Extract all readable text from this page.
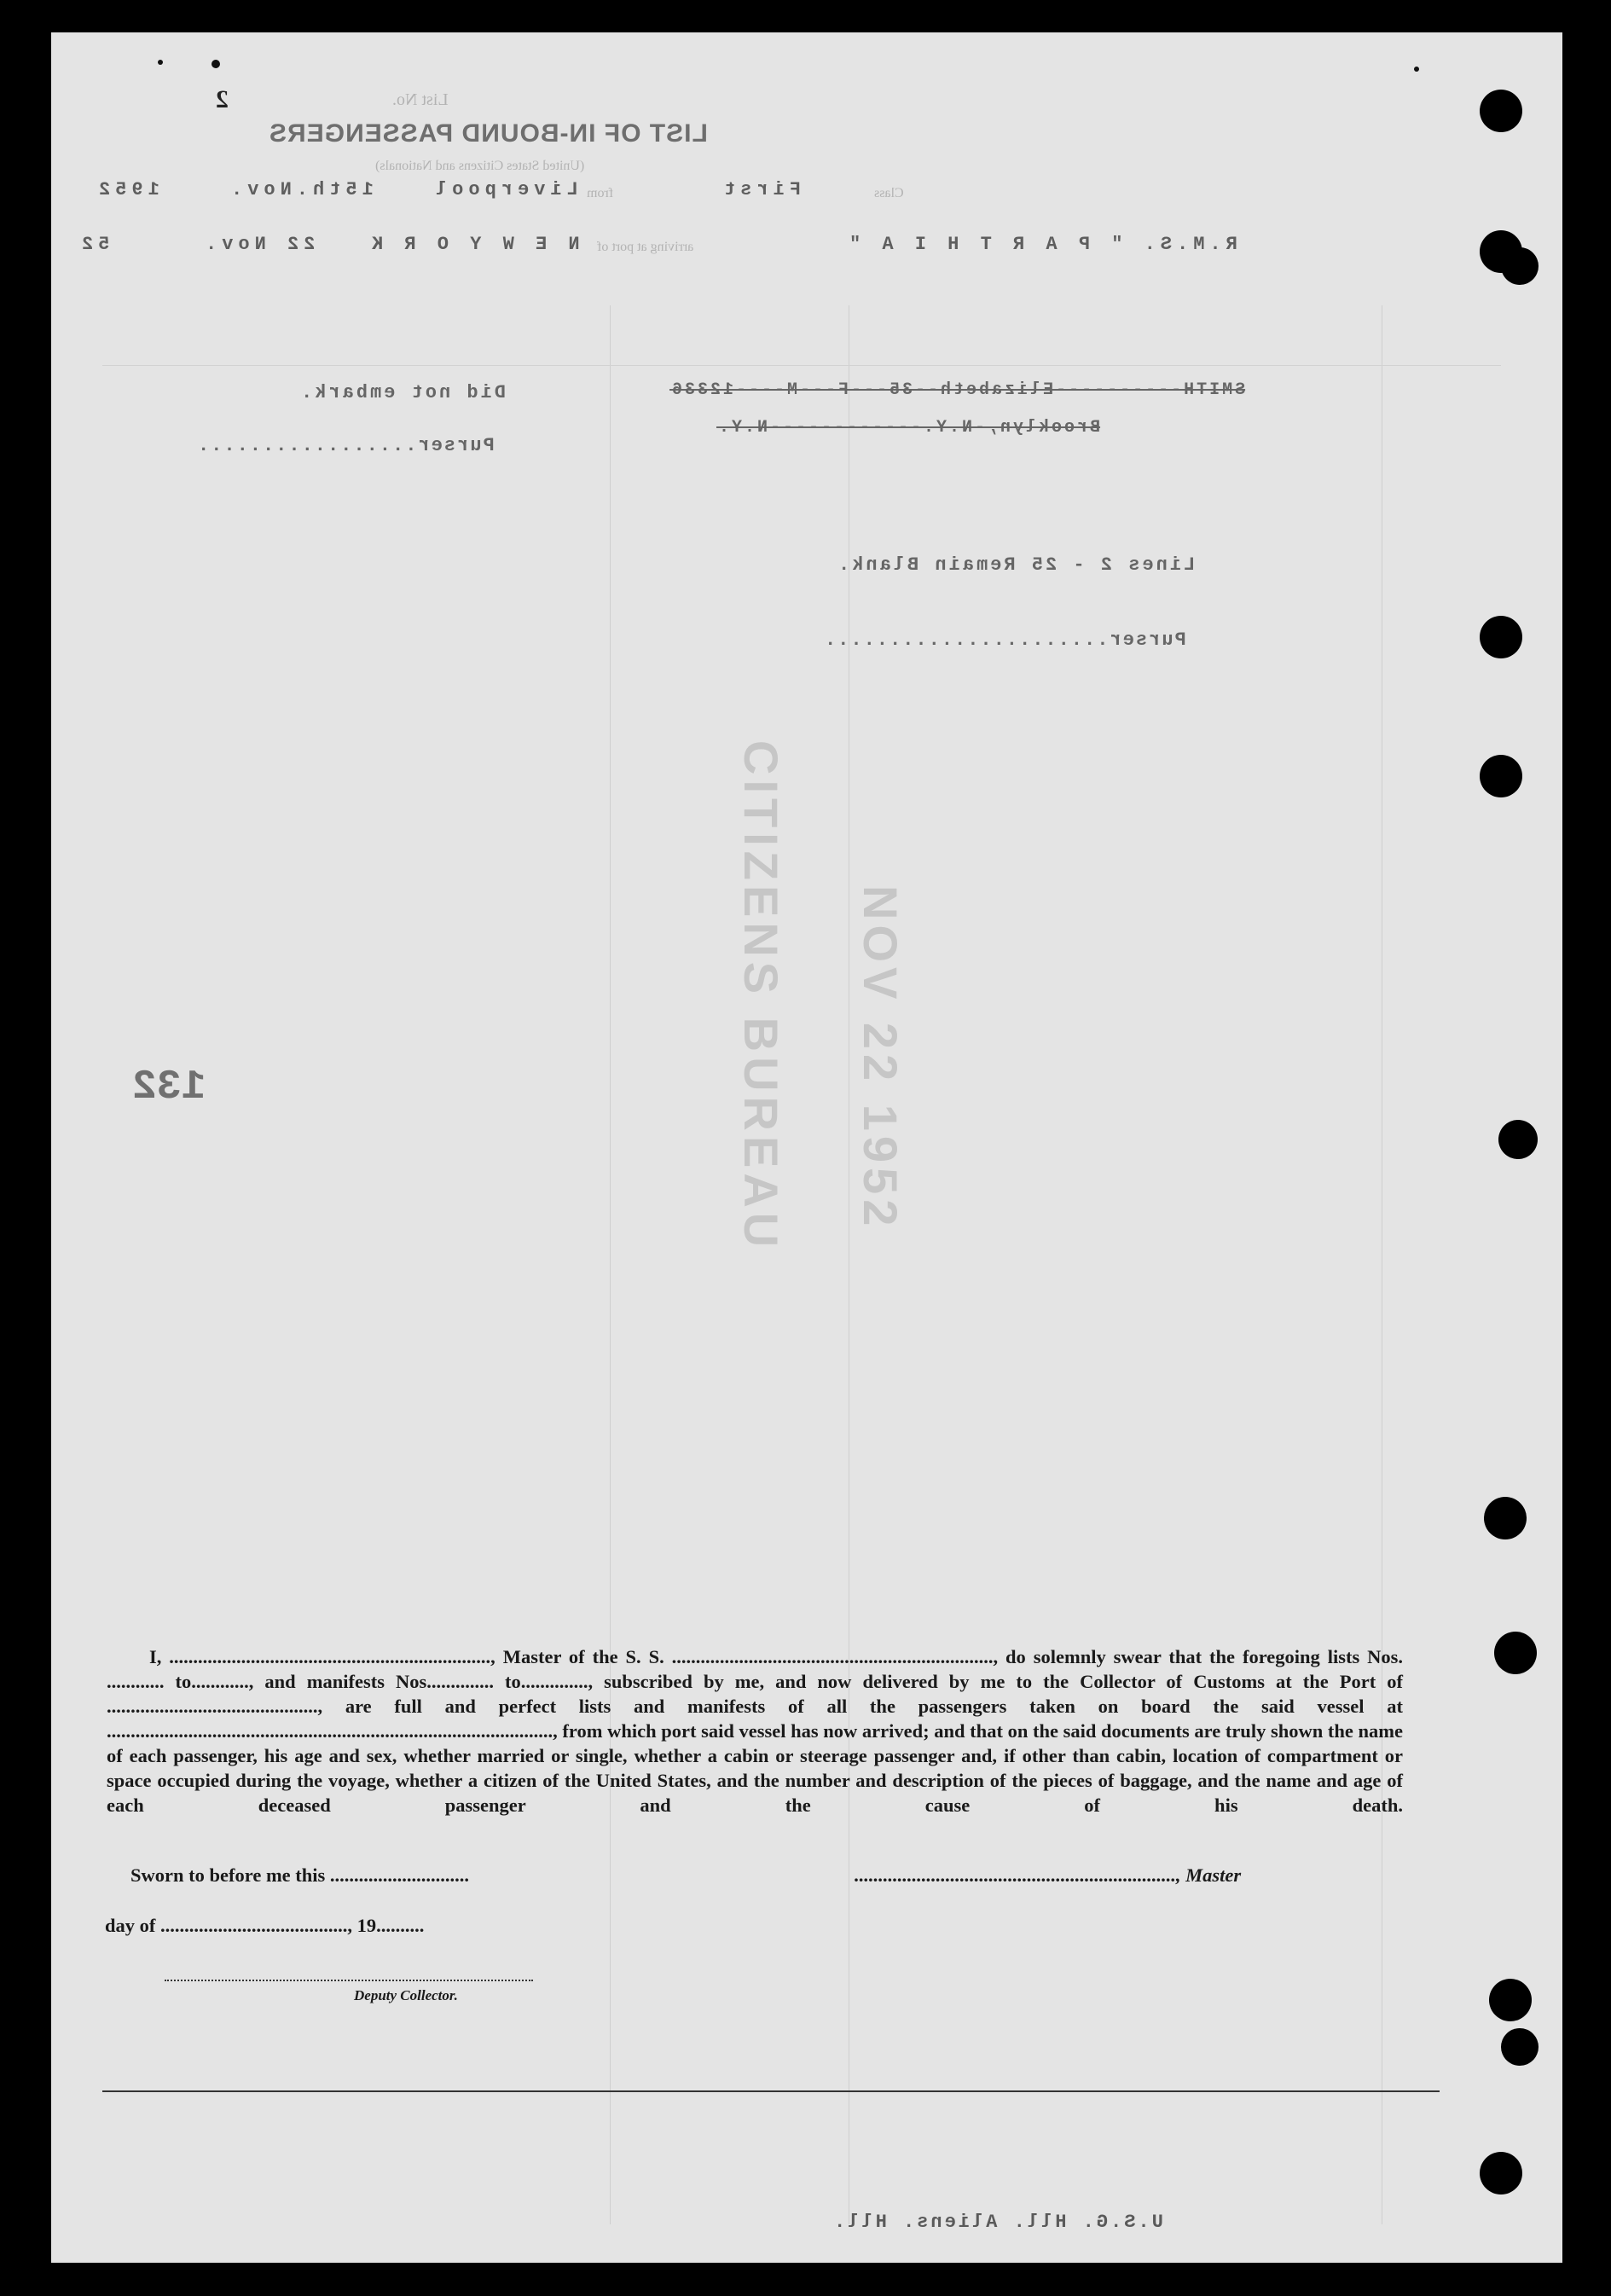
List No.
2
LIST OF IN-BOUND PASSENGERS
(United States Citizens and Nationals)
Class
First
from
Liverpool
15th.Nov.
1952
R.M.S. " P A R T H I A "
arriving at port of
N E W Y O R K
22 Nov.
52
SMITH----------Elizabeth--35---F---M----12336
Brooklyn,-N.Y.------------N.Y.
Did not embark.
Purser.................
Lines 2 - 25 Remain Blank.
Purser......................
132	CITIZENS BUREAU NOV 22 1952

I, ..................................................................., Master of the S. S. ..................................................................., do solemnly swear that the foregoing lists Nos. ............ to............, and manifests Nos.............. to.............., subscribed by me, and now delivered by me to the Collector of Customs at the Port of ............................................, are full and perfect lists and manifests of all the passengers taken on board the said vessel at ............................................................................................., from which port said vessel has now arrived; and that on the said documents are truly shown the name of each passenger, his age and sex, whether married or single, whether a cabin or steerage passenger and, if other than cabin, location of compartment or space occupied during the voyage, whether a citizen of the United States, and the number and description of the pieces of baggage, and the name and age of each deceased passenger and the cause of his death.

Sworn to before me this .............................	..................................................................., Master
day of ......................................., 19..........
Deputy Collector.
U.S.G. Hll. Aliens. Hll.
